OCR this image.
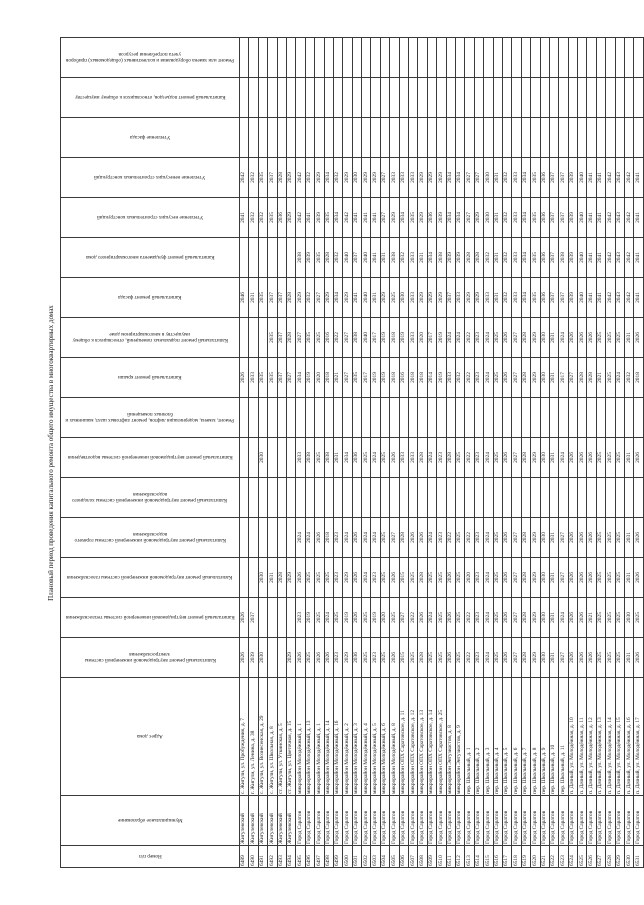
Плановый период проведения капитального ремонта общего имущества в многоквартирных домах
Номер п/п	Муниципальное образование	Адрес дома	Капитальный ремонт внутридомовой инженерной системы электроснабжения	Капитальный ремонт внутридомовой инженерной системы теплоснабжения	Капитальный ремонт внутридомовой инженерной системы газоснабжения	Капитальный ремонт внутридомовой инженерной системы горячего водоснабжения	Капитальный ремонт внутридомовой инженерной системы холодного водоснабжения	Капитальный ремонт внутридомовой инженерной системы водоотведения	Ремонт, замена, модернизация лифтов, ремонт лифтовых шахт, машинных и блочных помещений	Капитальный ремонт крыши	Капитальный ремонт подвальных помещений, относящихся к общему имуществу в многоквартирном доме	Капитальный ремонт фасада	Капитальный ремонт фундамента многоквартирного дома	Утепление несущих строительных конструкций	Утепление ненесущих строительных конструкций	Утепление фасада	Капитальный ремонт подъездов, относящихся к общему имуществу	Ремонт или замена оборудования и коллективных (общедомовых) приборов учета потребления ресурсов

6489	Жигулевский	с. Жигули, ул. Пробуждения, д. 7	2026	2026						2026		2046		2041	2042			
6490	Жигулевский	г. Жигули, ул. Ленина, д. 38	2039	2037						2033		2031		2032	2032			
6491	Жигулевский	с. Жигули, ул. Вознесенская, д. 29	2030		2030			2030		2035		2035		2032	2035			
6492	Жигулевский	с. Жигули, ул. Школьная, д. 8			2031					2035	2035	2037		2035	2037			
6493	Жигулевский	ст. Жигули, ул. Уткинская, д. 5			2028					2037	2037	2037		2036	2028			
6494	Жигулевский	ст. Жигули, ул. Цветочная, д. 15	2029		2029					2027	2028	2028		2029	2029			
6495	Город Саратов	микрорайон Молодёжный, д. 1	2026	2023	2026	2024		2033		2034	2027	2029	2038	2042	2042			
6496	Город Саратов	микрорайон Молодёжный, д. 13	2025	2019	2025	2024		2038		2019	2035	2032	2039	2041	2032			
6497	Город Саратов	микрорайон Молодёжный, д. 1	2026	2025	2025	2026		2025		2020	2025	2027	2035	2039	2029			
6498	Город Саратов	микрорайон Молодёжный, д. 14	2026	2024	2025	2018		2038		2018	2016	2029	2028	2035	2034			
6499	Город Саратов	микрорайон Молодёжный, д. 16	2023	2025	2023	2023		2031		2021	2022	2034	2032	2034	2032			
6500	Город Саратов	микрорайон Молодёжный, д. 2	2029	2019	2029	2024		2034		2027	2027	2029	2040	2042	2029			
6501	Город Саратов	микрорайон Молодёжный, д. 3	2036	2026	2026	2026		2036		2035	2038	2041	2037	2041	2030			
6502	Город Саратов	микрорайон Молодёжный, д. 4	2025	2025	2024	2024		2025		2017	2040	2040	2040	2041	2029			
6503	Город Саратов	микрорайон Молодёжный, д. 5	2023	2019	2023	2024		2024		2019	2017	2031	2041	2041	2029			
6504	Город Саратов	микрорайон Молодёжный, д. 6	2025	2020	2025	2025		2025		2019	2019	2029	2031	2027	2027			
6505	Город Саратов	микрорайон Молодёжный, д. 8	2026	2025	2026	2027		2026		2018	2018	2025	2038	2029	2033			
6506	Город Саратов	микрорайон ОПХ Саратовское, д. 11	2015	2027	2015	2028		2033		2016	2019	2030	2032	2034	2033			
6507	Город Саратов	микрорайон ОПХ Саратовское, д. 12	2025	2022	2025	2026		2033		2018	2033	2033	2033	2035	2033			
6508	Город Саратов	микрорайон ОПХ Саратовское, д. 13	2028	2026	2028	2026		2028		2018	2020	2029	2031	2029	2029			
6509	Город Саратов	микрорайон ОПХ Саратовское, д. 14	2025	2024	2025	2024		2024		2014	2017	2029	2034	2036	2029			
6510	Город Саратов	микрорайон ОПХ Саратовское, д. 25	2025	2025	2025	2023		2023		2019	2019	2029	2038	2039	2029			
6511	Город Саратов	микрорайон Энтузиастов, д. 8	2026	2026	2026	2022		2028		2033	2024	2037	2039	2034	2034			
6512	Город Саратов	микрорайон Энтузиастов, д. 9	2025	2025	2025	2025		2025		2032	2024	2033	2039	2034	2034			
6513	Город Саратов	пер. Школьный, д. 1	2022	2022	2020	2022		2022		2022	2022	2029	2028	2027	2027			
6514	Город Саратов	пер. Школьный, д. 2	2023	2023	2023	2023		2023		2023	2023	2029	2028	2029	2027			
6515	Город Саратов	пер. Школьный, д. 3	2024	2024	2024	2024		2024		2024	2024	2033	2032	2030	2030			
6516	Город Саратов	пер. Школьный, д. 4	2025	2025	2025	2025		2025		2025	2025	2031	2031	2031	2031			
6517	Город Саратов	пер. Школьный, д. 5	2026	2026	2026	2026		2026		2026	2026	2032	2032	2032	2032			
6518	Город Саратов	пер. Школьный, д. 6	2027	2027	2027	2027		2027		2027	2027	2033	2033	2033	2033			
6519	Город Саратов	пер. Школьный, д. 7	2028	2028	2028	2028		2028		2028	2028	2034	2034	2034	2034			
6520	Город Саратов	пер. Школьный, д. 8	2029	2029	2029	2029		2029		2029	2029	2035	2035	2035	2035			
6521	Город Саратов	пер. Школьный, д. 9	2030	2030	2030	2030		2030		2030	2030	2036	2036	2036	2036			
6522	Город Саратов	пер. Школьный, д. 10	2031	2031	2031	2031		2031		2031	2031	2037	2037	2037	2037			
6523	Город Саратов	пер. Школьный, д. 11	2027	2024	2027	2027		2024		2017	2024	2037	2038	2037	2037			
6524	Город Саратов	п. Дачный, ул. Молодёжная, д. 10	2026	2026	2026	2026		2026		2027	2026	2039	2039	2039	2039			
6525	Город Саратов	п. Дачный, ул. Молодёжная, д. 11	2026	2026	2026	2026		2026		2028	2026	2040	2040	2040	2040			
6526	Город Саратов	п. Дачный, ул. Молодёжная, д. 12	2026	2021	2026	2026		2026		2028	2026	2041	2041	2041	2041			
6527	Город Саратов	п. Дачный, ул. Молодёжная, д. 13	2025	2025	2025	2025		2025		2021	2025	2041	2041	2041	2041			
6528	Город Саратов	п. Дачный, ул. Молодёжная, д. 14	2025	2025	2025	2025		2025		2025	2025	2042	2042	2042	2042			
6529	Город Саратов	п. Дачный, ул. Молодёжная, д. 15	2025	2025	2025	2025		2025		2024	2025	2043	2043	2043	2043			
6530	Город Саратов	п. Дачный, ул. Молодёжная, д. 16	2031	2030	2031	2031		2031		2032	2031	2042	2042	2042	2042			
6531	Город Саратов	п. Дачный, ул. Молодёжная, д. 17	2026	2025	2026	2026		2026		2018	2026	2041	2041	2041	2041			
